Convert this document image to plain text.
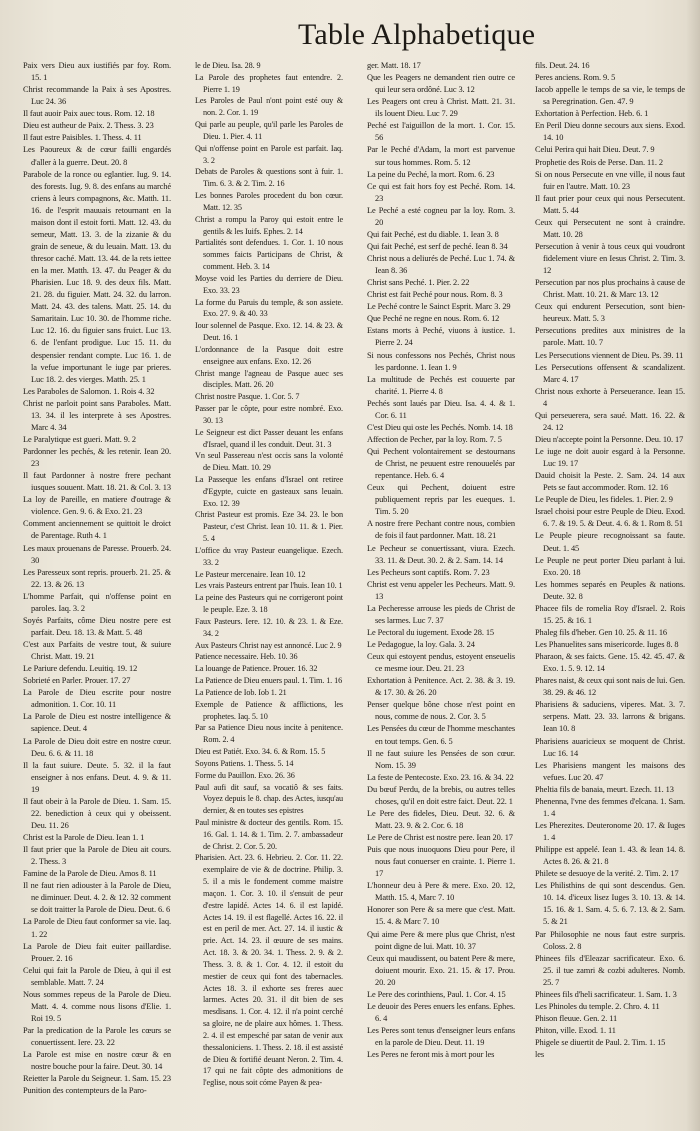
Table Alphabetique

Paix vers Dieu aux iustifiés par foy. Rom. 15. 1

Christ recommande la Paix à ses Apostres. Luc 24. 36

Il faut auoir Paix auec tous. Rom. 12. 18

Dieu est autheur de Paix. 2. Thess. 3. 23

Il faut estre Paisibles. 1. Thess. 4. 11

Les Paoureux & de cœur failli engardés d'aller à la guerre. Deut. 20. 8

Parabole de la ronce ou eglantier. Iug. 9. 14. des forests. Iug. 9. 8. des enfans au marché criens à leurs compagnons, &c. Matth. 11. 16. de l'esprit mauuais retournant en la maison dont il estoit forti. Matt. 12. 43. du semeur, Matt. 13. 3. de la zizanie & du grain de seneue, & du leuain. Matt. 13. du thresor caché. Matt. 13. 44. de la rets iettee en la mer. Matth. 13. 47. du Peager & du Pharisien. Luc 18. 9. des deux fils. Matt. 21. 28. du figuier. Matt. 24. 32. du larron. Matt. 24. 43. des talens. Matt. 25. 14. du Samaritain. Luc 10. 30. de l'homme riche. Luc 12. 16. du figuier sans fruict. Luc 13. 6. de l'enfant prodigue. Luc 15. 11. du despensier rendant compte. Luc 16. 1. de la vefue importunant le iuge par prieres. Luc 18. 2. des vierges. Matth. 25. 1

Les Paraboles de Salomon. 1. Rois 4. 32

Christ ne parloit point sans Paraboles. Matt. 13. 34. il les interprete à ses Apostres. Marc 4. 34

Le Paralytique est gueri. Matt. 9. 2

Pardonner les pechés, & les retenir. Iean 20. 23

Il faut Pardonner à nostre frere pechant iusques souuent. Matt. 18. 21. & Col. 3. 13

La loy de Pareille, en matiere d'outrage & violence. Gen. 9. 6. & Exo. 21. 23

Comment anciennement se quittoit le droict de Parentage. Ruth 4. 1

Les maux prouenans de Paresse. Prouerb. 24. 30

Les Paresseux sont repris. prouerb. 21. 25. & 22. 13. & 26. 13

L'homme Parfait, qui n'offense point en paroles. Iaq. 3. 2

Soyés Parfaits, côme Dieu nostre pere est parfait. Deu. 18. 13. & Matt. 5. 48

C'est aux Parfaits de vestre tout, & suiure Christ. Matt. 19. 21

Le Pariure defendu. Leuitiq. 19. 12

Sobrieté en Parler. Prouer. 17. 27

La Parole de Dieu escrite pour nostre admonition. 1. Cor. 10. 11

La Parole de Dieu est nostre intelligence & sapience. Deut. 4

La Parole de Dieu doit estre en nostre cœur. Deu. 6. 6. & 11. 18

Il la faut suiure. Deute. 5. 32. il la faut enseigner à nos enfans. Deut. 4. 9. & 11. 19

Il faut obeir à la Parole de Dieu. 1. Sam. 15. 22. benediction à ceux qui y obeissent. Deu. 11. 26

Christ est la Parole de Dieu. Iean 1. 1

Il faut prier que la Parole de Dieu ait cours. 2. Thess. 3

Famine de la Parole de Dieu. Amos 8. 11

Il ne faut rien adiouster à la Parole de Dieu, ne diminuer. Deut. 4. 2. & 12. 32 comment se doit traitter la Parole de Dieu. Deut. 6. 6

La Parole de Dieu faut conformer sa vie. Iaq. 1. 22

La Parole de Dieu fait euiter paillardise. Prouer. 2. 16

Celui qui fait la Parole de Dieu, à qui il est semblable. Matt. 7. 24

Nous sommes repeus de la Parole de Dieu. Matt. 4. 4. comme nous lisons d'Elie. 1. Roi 19. 5

Par la predication de la Parole les cœurs se conuertissent. Iere. 23. 22

La Parole est mise en nostre cœur & en nostre bouche pour la faire. Deut. 30. 14

Reietter la Parole du Seigneur. 1. Sam. 15. 23

Punition des contempteurs de la Paro-

le de Dieu. Isa. 28. 9

La Parole des prophetes faut entendre. 2. Pierre 1. 19

Les Paroles de Paul n'ont point esté ouy & non. 2. Cor. 1. 19

Qui parle au peuple, qu'il parle les Paroles de Dieu. 1. Pier. 4. 11

Qui n'offense point en Parole est parfait. Iaq. 3. 2

Debats de Paroles & questions sont à fuir. 1. Tim. 6. 3. & 2. Tim. 2. 16

Les bonnes Paroles procedent du bon cœur. Matt. 12. 35

Christ a rompu la Paroy qui estoit entre le gentils & les Iuifs. Ephes. 2. 14

Partialités sont defendues. 1. Cor. 1. 10 nous sommes faicts Participans de Christ, & comment. Heb. 3. 14

Moyse void les Parties du derriere de Dieu. Exo. 33. 23

La forme du Paruis du temple, & son assiete. Exo. 27. 9. & 40. 33

Iour solennel de Pasque. Exo. 12. 14. & 23. & Deut. 16. 1

L'ordonnance de la Pasque doit estre enseignee aux enfans. Exo. 12. 26

Christ mange l'agneau de Pasque auec ses disciples. Matt. 26. 20

Christ nostre Pasque. 1. Cor. 5. 7

Passer par le côpte, pour estre nombré. Exo. 30. 13

Le Seigneur est dict Passer deuant les enfans d'Israel, quand il les conduit. Deut. 31. 3

Vn seul Passereau n'est occis sans la volonté de Dieu. Matt. 10. 29

La Passeque les enfans d'Israel ont retiree d'Egypte, cuicte en gasteaux sans leuain. Exo. 12. 39

Christ Pasteur est promis. Eze 34. 23. le bon Pasteur, c'est Christ. Iean 10. 11. & 1. Pier. 5. 4

L'office du vray Pasteur euangelique. Ezech. 33. 2

Le Pasteur mercenaire. Iean 10. 12

Les vrais Pasteurs entrent par l'huis. Iean 10. 1

La peine des Pasteurs qui ne corrigeront point le peuple. Eze. 3. 18

Faux Pasteurs. Iere. 12. 10. & 23. 1. & Eze. 34. 2

Aux Pasteurs Christ nay est annoncé. Luc 2. 9

Patience necessaire. Heb. 10. 36

La louange de Patience. Prouer. 16. 32

La Patience de Dieu enuers paul. 1. Tim. 1. 16

La Patience de Iob. Iob 1. 21

Exemple de Patience & afflictions, les prophetes. Iaq. 5. 10

Par sa Patience Dieu nous incite à penitence. Rom. 2. 4

Dieu est Patiét. Exo. 34. 6. & Rom. 15. 5

Soyons Patiens. 1. Thess. 5. 14

Forme du Pauillon. Exo. 26. 36

Paul aufi dit sauf, sa vocatiô & ses faits. Voyez depuis le 8. chap. des Actes, iusqu'au dernier, & en toutes ses epistres

Paul ministre & docteur des gentils. Rom. 15. 16. Gal. 1. 14. & 1. Tim. 2. 7. ambassadeur de Christ. 2. Cor. 5. 20.

Pharisien. Act. 23. 6. Hebrieu. 2. Cor. 11. 22. exemplaire de vie & de doctrine. Philip. 3. 5. il a mis le fondement comme maistre maçon. 1. Cor. 3. 10. il s'ensuit de peur d'estre lapidé. Actes 14. 6. il est lapidé. Actes 14. 19. il est flagellé. Actes 16. 22. il est en peril de mer. Act. 27. 14. il iustic & prie. Act. 14. 23. il œuure de ses mains. Act. 18. 3. & 20. 34. 1. Thess. 2. 9. & 2. Thess. 3. 8. & 1. Cor. 4. 12. il estoit du mestier de ceux qui font des tabernacles. Actes 18. 3. il exhorte ses freres auec larmes. Actes 20. 31. il dit bien de ses mesdisans. 1. Cor. 4. 12. il n'a point cerché sa gloire, ne de plaire aux hômes. 1. Thess. 2. 4. il est empesché par satan de venir aux thessaloniciens. 1. Thess. 2. 18. il est assisté de Dieu & fortifié deuant Neron. 2. Tim. 4. 17 qui ne fait côpte des admonitions de l'eglise, nous soit cóme Payen & pea-

ger. Matt. 18. 17

Que les Peagers ne demandent rien outre ce qui leur sera ordôné. Luc 3. 12

Les Peagers ont creu à Christ. Matt. 21. 31. ils louent Dieu. Luc 7. 29

Peché est l'aiguillon de la mort. 1. Cor. 15. 56

Par le Peché d'Adam, la mort est parvenue sur tous hommes. Rom. 5. 12

La peine du Peché, la mort. Rom. 6. 23

Ce qui est fait hors foy est Peché. Rom. 14. 23

Le Peché a esté cogneu par la loy. Rom. 3. 20

Qui fait Peché, est du diable. 1. Iean 3. 8

Qui fait Peché, est serf de peché. Iean 8. 34

Christ nous a deliurés de Peché. Luc 1. 74. & Iean 8. 36

Christ sans Peché. 1. Pier. 2. 22

Christ est fait Peché pour nous. Rom. 8. 3

Le Peché contre le Sainct Esprit. Marc 3. 29

Que Peché ne regne en nous. Rom. 6. 12

Estans morts à Peché, viuons à iustice. 1. Pierre 2. 24

Si nous confessons nos Pechés, Christ nous les pardonne. 1. Iean 1. 9

La multitude de Pechés est couuerte par charité. 1. Pierre 4. 8

Pechés sont laués par Dieu. Isa. 4. 4. & 1. Cor. 6. 11

C'est Dieu qui oste les Pechés. Nomb. 14. 18

Affection de Pecher, par la loy. Rom. 7. 5

Qui Pechent volontairement se destournans de Christ, ne peuuent estre renouuelés par repentance. Heb. 6. 4

Ceux qui Pechent, doiuent estre publiquement repris par les eueques. 1. Tim. 5. 20

A nostre frere Pechant contre nous, combien de fois il faut pardonner. Matt. 18. 21

Le Pecheur se conuertissant, viura. Ezech. 33. 11. & Deut. 30. 2. & 2. Sam. 14. 14

Les Pecheurs sont captifs. Rom. 7. 23

Christ est venu appeler les Pecheurs. Matt. 9. 13

La Pecheresse arrouse les pieds de Christ de ses larmes. Luc 7. 37

Le Pectoral du iugement. Exode 28. 15

Le Pedagogue, la loy. Gala. 3. 24

Ceux qui estoyent pendus, estoyent enseuelis ce mesme iour. Deu. 21. 23

Exhortation à Penitence. Act. 2. 38. & 3. 19. & 17. 30. & 26. 20

Penser quelque bône chose n'est point en nous, comme de nous. 2. Cor. 3. 5

Les Pensées du cœur de l'homme meschantes en tout temps. Gen. 6. 5

Il ne faut suiure les Pensées de son cœur. Nom. 15. 39

La feste de Pentecoste. Exo. 23. 16. & 34. 22

Du bœuf Perdu, de la brebis, ou autres telles choses, qu'il en doit estre faict. Deut. 22. 1

Le Pere des fideles, Dieu. Deut. 32. 6. & Matt. 23. 9. & 2. Cor. 6. 18

Le Pere de Christ est nostre pere. Iean 20. 17

Puis que nous inuoquons Dieu pour Pere, il nous faut conuerser en crainte. 1. Pierre 1. 17

L'honneur deu à Pere & mere. Exo. 20. 12, Matth. 15. 4, Marc 7. 10

Honorer son Pere & sa mere que c'est. Matt. 15. 4. & Marc 7. 10

Qui aime Pere & mere plus que Christ, n'est point digne de lui. Matt. 10. 37

Ceux qui maudissent, ou batent Pere & mere, doiuent mourir. Exo. 21. 15. & 17. Prou. 20. 20

Le Pere des corinthiens, Paul. 1. Cor. 4. 15

Le deuoir des Peres enuers les enfans. Ephes. 6. 4

Les Peres sont tenus d'enseigner leurs enfans en la parole de Dieu. Deut. 11. 19

Les Peres ne feront mis à mort pour les

fils. Deut. 24. 16

Peres anciens. Rom. 9. 5

Iacob appelle le temps de sa vie, le temps de sa Peregrination. Gen. 47. 9

Exhortation à Perfection. Heb. 6. 1

En Peril Dieu donne secours aux siens. Exod. 14. 10

Celui Perira qui hait Dieu. Deut. 7. 9

Prophetie des Rois de Perse. Dan. 11. 2

Si on nous Persecute en vne ville, il nous faut fuir en l'autre. Matt. 10. 23

Il faut prier pour ceux qui nous Persecutent. Matt. 5. 44

Ceux qui Persecutent ne sont à craindre. Matt. 10. 28

Persecution à venir à tous ceux qui voudront fidelement viure en Iesus Christ. 2. Tim. 3. 12

Persecution par nos plus prochains à cause de Christ. Matt. 10. 21. & Marc 13. 12

Ceux qui endurent Persecution, sont bien-heureux. Matt. 5. 3

Persecutions predites aux ministres de la parole. Matt. 10. 7

Les Persecutions viennent de Dieu. Ps. 39. 11

Les Persecutions offensent & scandalizent. Marc 4. 17

Christ nous exhorte à Perseuerance. Iean 15. 4

Qui perseuerera, sera saué. Matt. 16. 22. & 24. 12

Dieu n'accepte point la Personne. Deu. 10. 17

Le iuge ne doit auoir esgard à la Personne. Luc 19. 17

Dauid choisit la Peste. 2. Sam. 24. 14 aux Pets se faut accommoder. Rom. 12. 16

Le Peuple de Dieu, les fideles. 1. Pier. 2. 9

Israel choisi pour estre Peuple de Dieu. Exod. 6. 7. & 19. 5. & Deut. 4. 6. & 1. Rom 8. 51

Le Peuple pieure recognoissant sa faute. Deut. 1. 45

Le Peuple ne peut porter Dieu parlant à lui. Exo. 20. 18

Les hommes separés en Peuples & nations. Deute. 32. 8

Phacee fils de romelia Roy d'Israel. 2. Rois 15. 25. & 16. 1

Phaleg fils d'heber. Gen 10. 25. & 11. 16

Les Phanuelites sans misericorde. Iuges 8. 8

Pharaon, & ses faicts. Gene. 15. 42. 45. 47. & Exo. 1. 5. 9. 12. 14

Phares naist, & ceux qui sont nais de lui. Gen. 38. 29. & 46. 12

Pharisiens & saduciens, viperes. Mat. 3. 7. serpens. Matt. 23. 33. larrons & brigans. Iean 10. 8

Pharisiens auaricieux se moquent de Christ. Luc 16. 14

Les Pharisiens mangent les maisons des vefues. Luc 20. 47

Pheltia fils de banaia, meurt. Ezech. 11. 13

Phenenna, l'vne des femmes d'elcana. 1. Sam. 1. 4

Les Pherezites. Deuteronome 20. 17. & Iuges 1. 4

Philippe est appelé. Iean 1. 43. & Iean 14. 8. Actes 8. 26. & 21. 8

Philete se desuoye de la verité. 2. Tim. 2. 17

Les Philisthins de qui sont descendus. Gen. 10. 14. d'iceux lisez Iuges 3. 10. 13. & 14. 15. 16. & 1. Sam. 4. 5. 6. 7. 13. & 2. Sam. 5. & 21

Par Philosophie ne nous faut estre surpris. Coloss. 2. 8

Phinees fils d'Eleazar sacrificateur. Exo. 6. 25. il tue zamri & cozbi adulteres. Nomb. 25. 7

Phinees fils d'heli sacrificateur. 1. Sam. 1. 3

Les Phinoles du temple. 2. Chro. 4. 11

Phison fleuue. Gen. 2. 11

Phiton, ville. Exod. 1. 11

Phigele se diuertit de Paul. 2. Tim. 1. 15

les
